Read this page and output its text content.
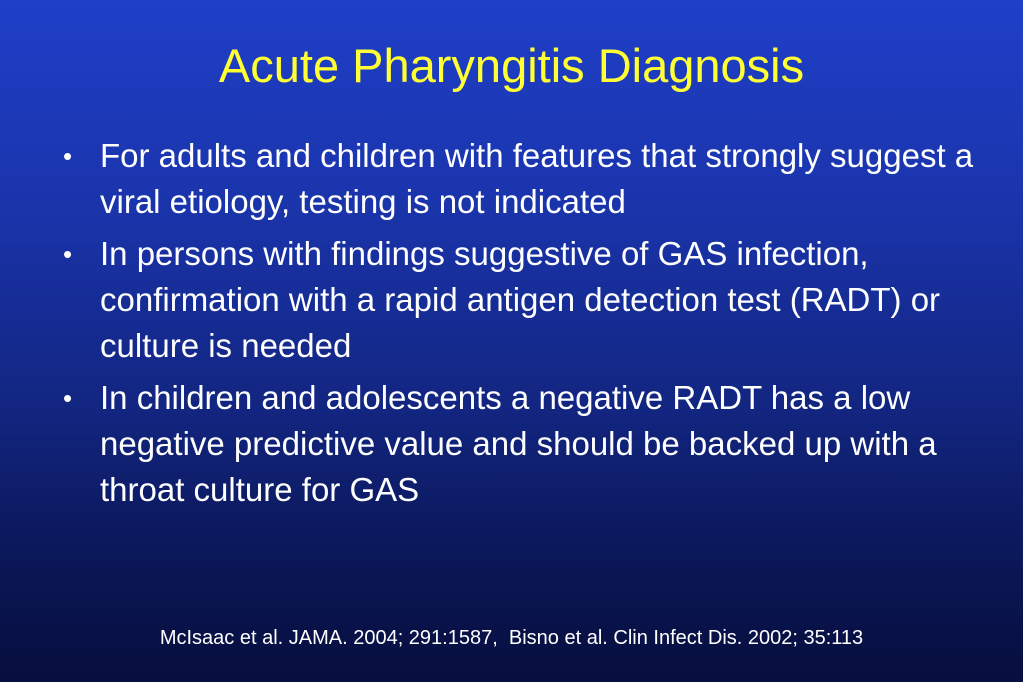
Acute Pharyngitis Diagnosis
• For adults and children with features that strongly suggest a viral etiology, testing is not indicated
• In persons with findings suggestive of GAS infection, confirmation with a rapid antigen detection test (RADT) or culture is needed
• In children and adolescents a negative RADT has a low negative predictive value and should be backed up with a throat culture for GAS
McIsaac et al. JAMA. 2004; 291:1587,  Bisno et al. Clin Infect Dis. 2002; 35:113
